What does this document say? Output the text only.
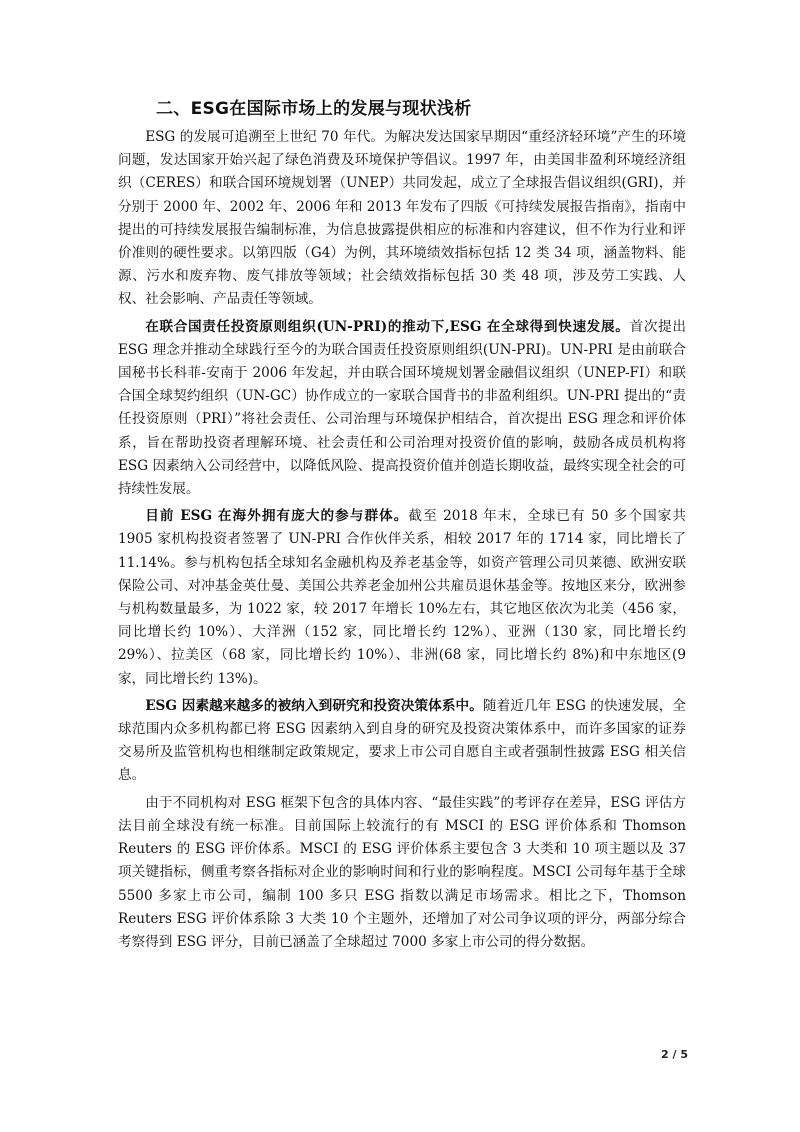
二、ESG在国际市场上的发展与现状浅析

ESG 的发展可追溯至上世纪 70 年代。为解决发达国家早期因“重经济轻环境”产生的环境问题，发达国家开始兴起了绿色消费及环境保护等倡议。1997 年，由美国非盈利环境经济组织（CERES）和联合国环境规划署（UNEP）共同发起，成立了全球报告倡议组织(GRI)，并分别于 2000 年、2002 年、2006 年和 2013 年发布了四版《可持续发展报告指南》，指南中提出的可持续发展报告编制标准，为信息披露提供相应的标准和内容建议，但不作为行业和评价准则的硬性要求。以第四版（G4）为例，其环境绩效指标包括 12 类 34 项，涵盖物料、能源、污水和废弃物、废气排放等领域；社会绩效指标包括 30 类 48 项，涉及劳工实践、人权、社会影响、产品责任等领域。

在联合国责任投资原则组织(UN-PRI)的推动下,ESG 在全球得到快速发展。首次提出 ESG 理念并推动全球践行至今的为联合国责任投资原则组织(UN-PRI)。UN-PRI 是由前联合国秘书长科菲-安南于 2006 年发起，并由联合国环境规划署金融倡议组织（UNEP-FI）和联合国全球契约组织（UN-GC）协作成立的一家联合国背书的非盈利组织。UN-PRI 提出的“责任投资原则（PRI）”将社会责任、公司治理与环境保护相结合，首次提出 ESG 理念和评价体系，旨在帮助投资者理解环境、社会责任和公司治理对投资价值的影响，鼓励各成员机构将 ESG 因素纳入公司经营中，以降低风险、提高投资价值并创造长期收益，最终实现全社会的可持续性发展。

目前 ESG 在海外拥有庞大的参与群体。截至 2018 年末，全球已有 50 多个国家共 1905 家机构投资者签署了 UN-PRI 合作伙伴关系，相较 2017 年的 1714 家，同比增长了 11.14%。参与机构包括全球知名金融机构及养老基金等，如资产管理公司贝莱德、欧洲安联保险公司、对冲基金英仕曼、美国公共养老金加州公共雇员退休基金等。按地区来分，欧洲参与机构数量最多，为 1022 家，较 2017 年增长 10%左右，其它地区依次为北美（456 家，同比增长约 10%）、大洋洲（152 家，同比增长约 12%）、亚洲（130 家，同比增长约 29%）、拉美区（68 家，同比增长约 10%）、非洲(68 家，同比增长约 8%)和中东地区(9 家，同比增长约 13%)。

ESG 因素越来越多的被纳入到研究和投资决策体系中。随着近几年 ESG 的快速发展，全球范围内众多机构都已将 ESG 因素纳入到自身的研究及投资决策体系中，而许多国家的证券交易所及监管机构也相继制定政策规定，要求上市公司自愿自主或者强制性披露 ESG 相关信息。

由于不同机构对 ESG 框架下包含的具体内容、“最佳实践”的考评存在差异，ESG 评估方法目前全球没有统一标准。目前国际上较流行的有 MSCI 的 ESG 评价体系和 Thomson Reuters 的 ESG 评价体系。MSCI 的 ESG 评价体系主要包含 3 大类和 10 项主题以及 37 项关键指标，侧重考察各指标对企业的影响时间和行业的影响程度。MSCI 公司每年基于全球 5500 多家上市公司，编制 100 多只 ESG 指数以满足市场需求。相比之下，Thomson Reuters ESG 评价体系除 3 大类 10 个主题外，还增加了对公司争议项的评分，两部分综合考察得到 ESG 评分，目前已涵盖了全球超过 7000 多家上市公司的得分数据。

2 / 5
